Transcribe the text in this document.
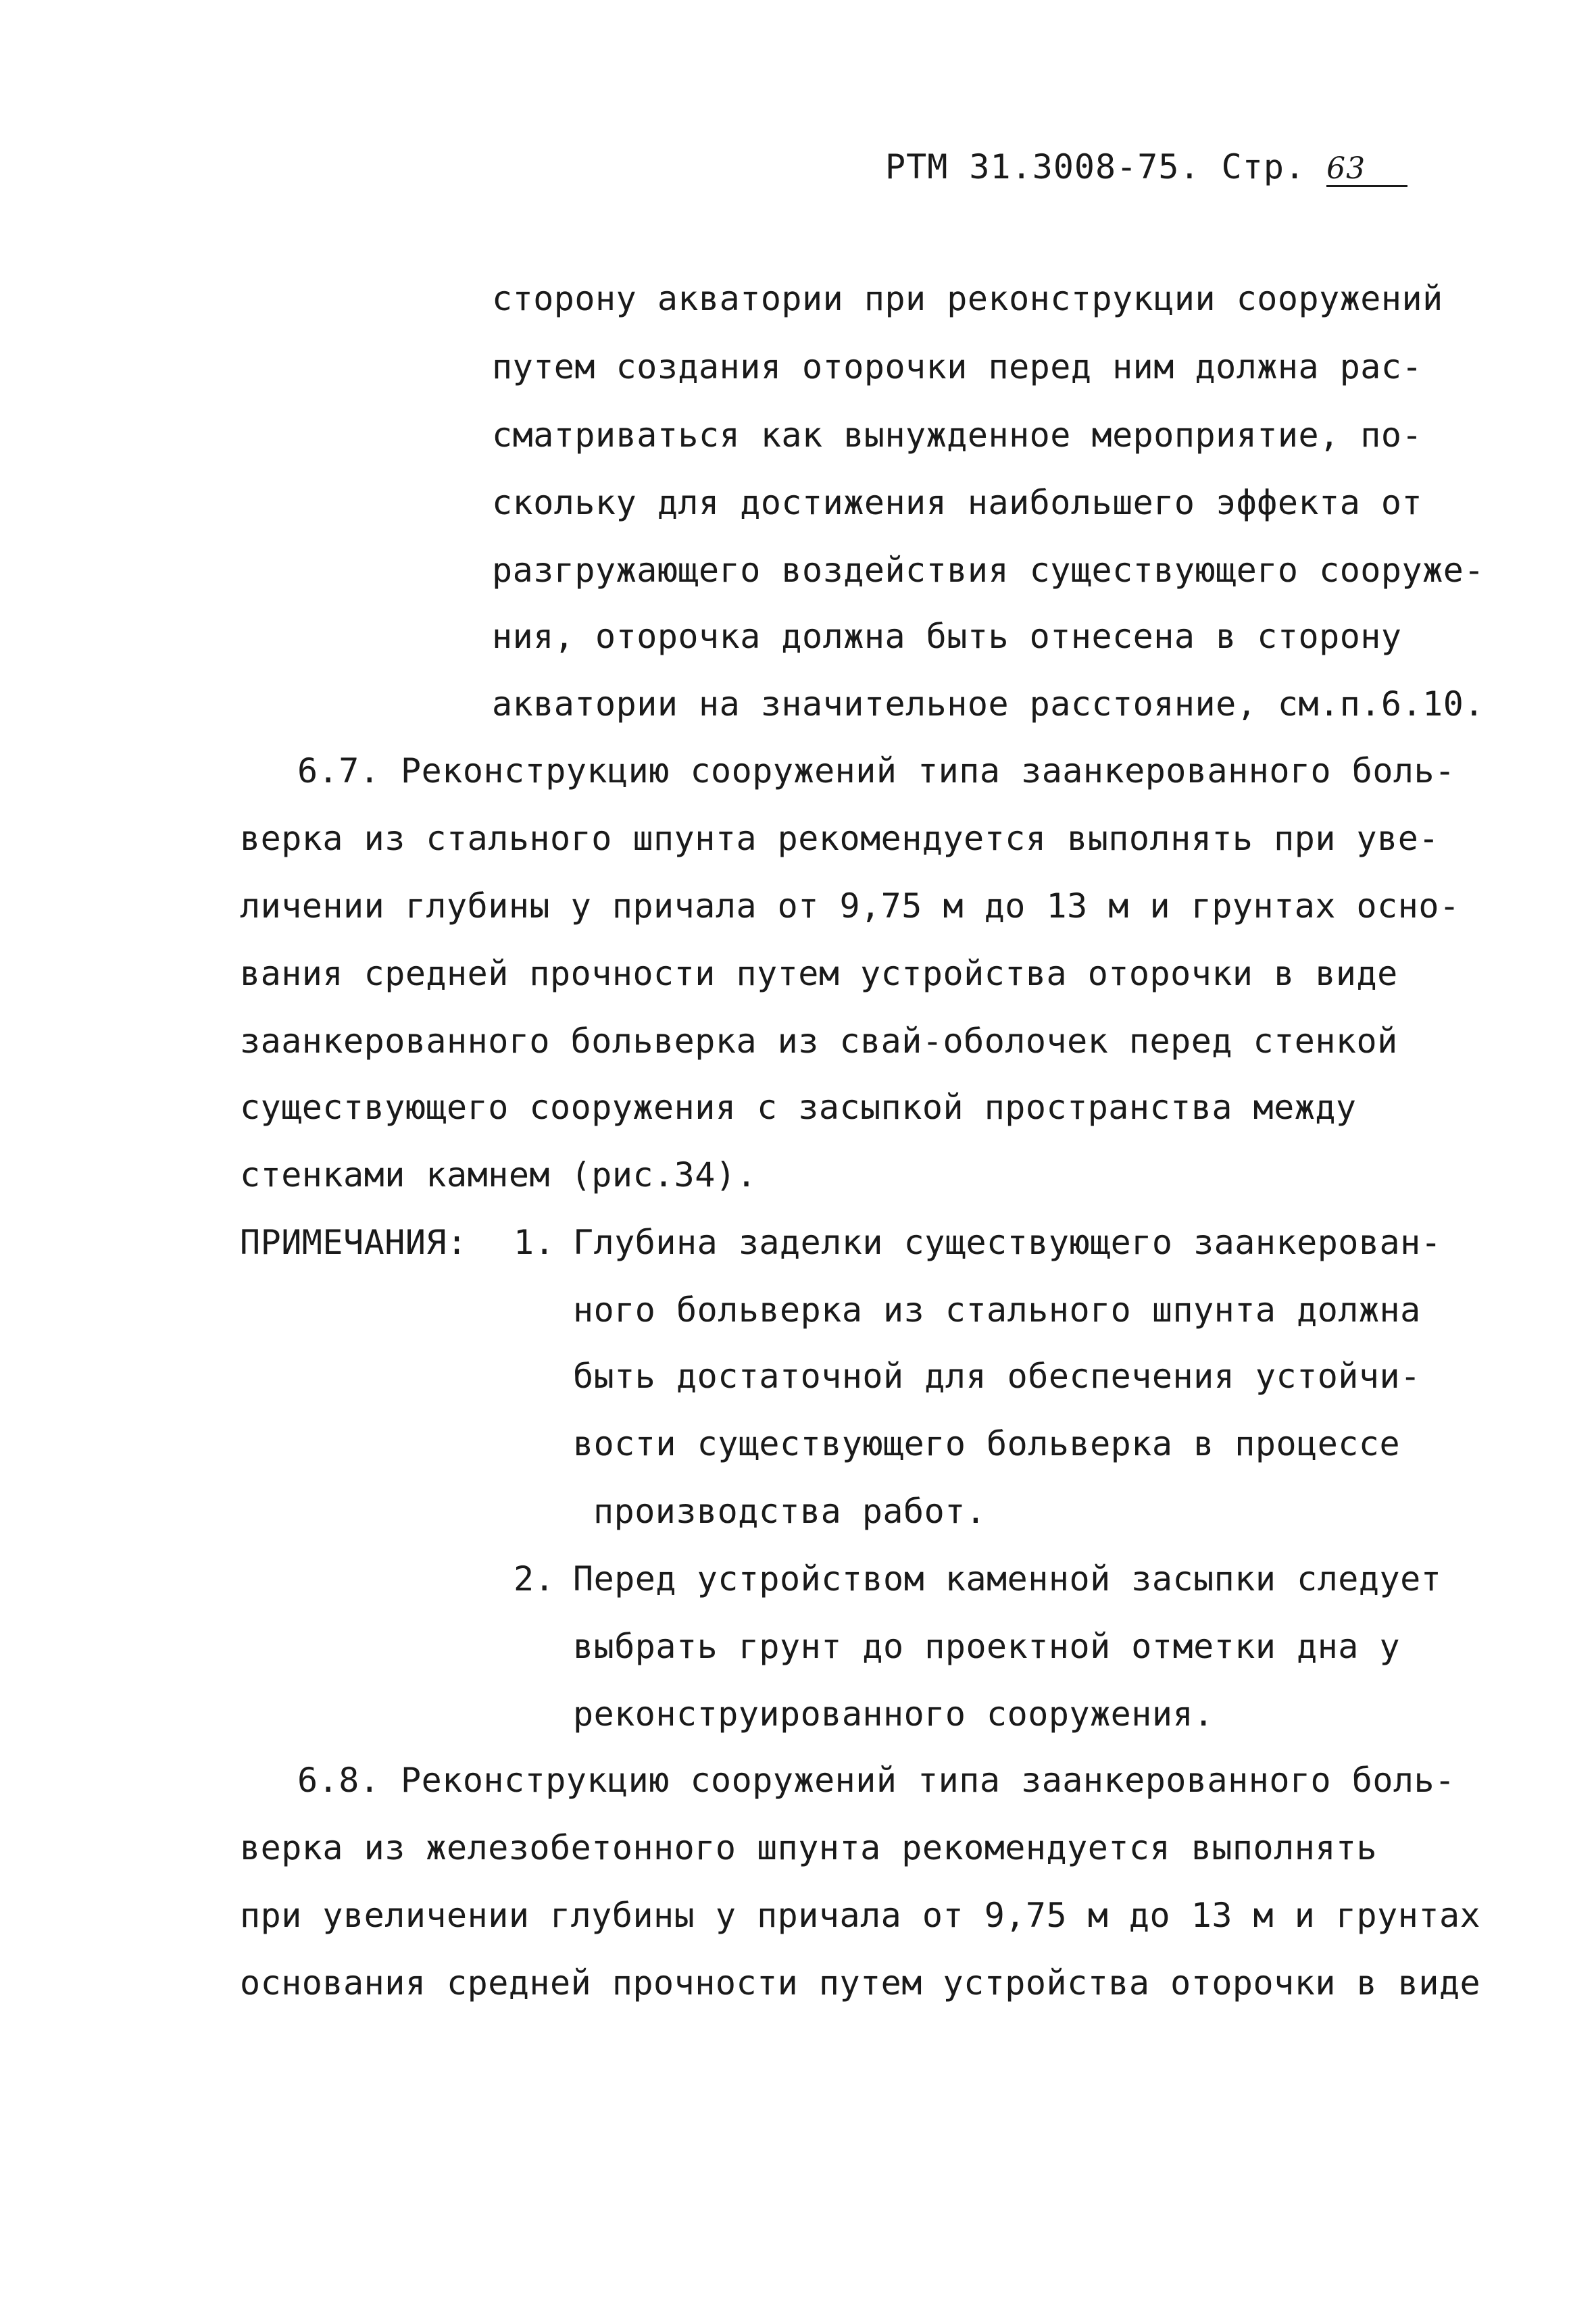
РТМ 31.3008-75. Стр. 63
сторону акватории при реконструкции сооружений
путем создания оторочки перед ним должна рас-
сматриваться как вынужденное мероприятие, по-
скольку для достижения наибольшего эффекта от
разгружающего воздействия существующего сооруже-
ния, оторочка должна быть отнесена в сторону
акватории на значительное расстояние, см.п.6.10.
6.7. Реконструкцию сооружений типа заанкерованного боль-
верка из стального шпунта рекомендуется выполнять при уве-
личении глубины у причала от 9,75 м до 13 м и грунтах осно-
вания средней прочности путем устройства оторочки в виде
заанкерованного больверка из свай-оболочек перед стенкой
существующего сооружения с засыпкой пространства между
стенками камнем (рис.34).
ПРИМЕЧАНИЯ: 1. Глубина заделки существующего заанкерован-
ного больверка из стального шпунта должна
быть достаточной для обеспечения устойчи-
вости существующего больверка в процессе
производства работ.
2. Перед устройством каменной засыпки следует
выбрать грунт до проектной отметки дна у
реконструированного сооружения.
6.8. Реконструкцию сооружений типа заанкерованного боль-
верка из железобетонного шпунта рекомендуется выполнять
при увеличении глубины у причала от 9,75 м до 13 м и грунтах
основания средней прочности путем устройства оторочки в виде
